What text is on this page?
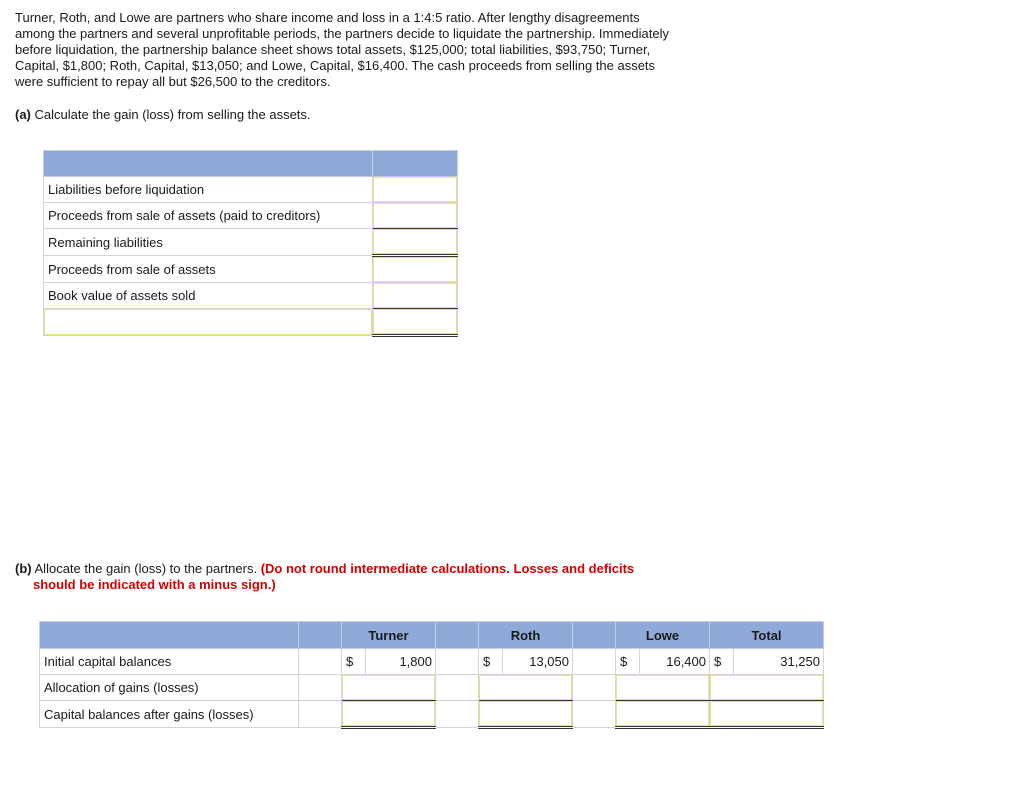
Turner, Roth, and Lowe are partners who share income and loss in a 1:4:5 ratio. After lengthy disagreements among the partners and several unprofitable periods, the partners decide to liquidate the partnership. Immediately before liquidation, the partnership balance sheet shows total assets, $125,000; total liabilities, $93,750; Turner, Capital, $1,800; Roth, Capital, $13,050; and Lowe, Capital, $16,400. The cash proceeds from selling the assets were sufficient to repay all but $26,500 to the creditors.

(a) Calculate the gain (loss) from selling the assets.

Liabilities before liquidation	
Proceeds from sale of assets (paid to creditors)	
Remaining liabilities	
Proceeds from sale of assets	
Book value of assets sold	

(b) Allocate the gain (loss) to the partners. (Do not round intermediate calculations. Losses and deficits
should be indicated with a minus sign.)

		Turner			Roth			Lowe		Total	
Initial capital balances		$	1,800		$	13,050		$	16,400	$	31,250
Allocation of gains (losses)							
Capital balances after gains (losses)							
